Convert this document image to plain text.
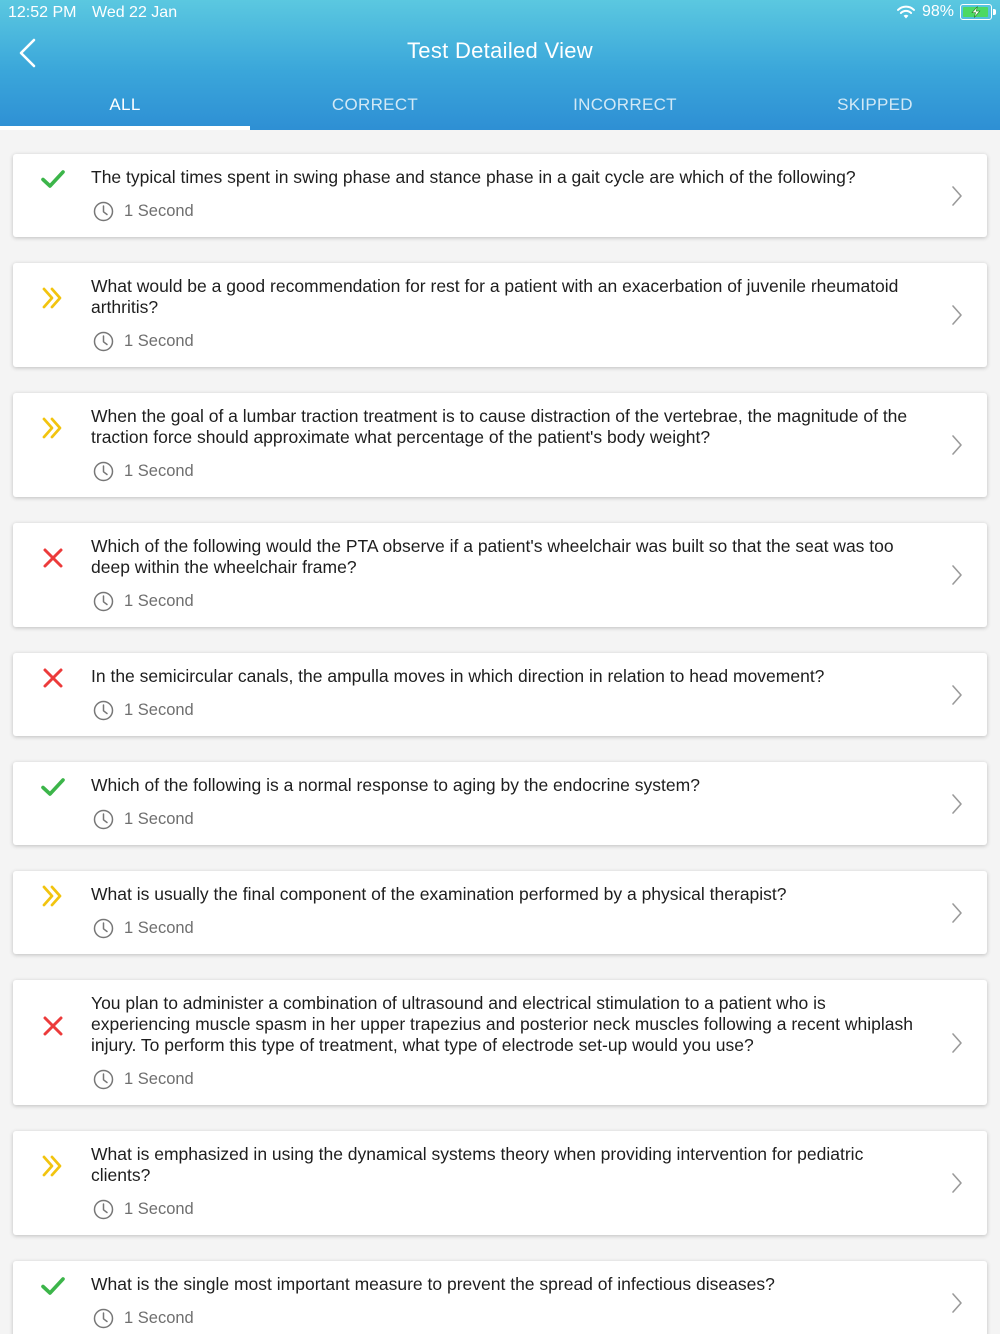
12:52 PM Wed 22 Jan	98%
Test Detailed View
ALL	CORRECT	INCORRECT	SKIPPED
The typical times spent in swing phase and stance phase in a gait cycle are which of the following?
1 Second
What would be a good recommendation for rest for a patient with an exacerbation of juvenile rheumatoid arthritis?
1 Second
When the goal of a lumbar traction treatment is to cause distraction of the vertebrae, the magnitude of the traction force should approximate what percentage of the patient's body weight?
1 Second
Which of the following would the PTA observe if a patient's wheelchair was built so that the seat was too deep within the wheelchair frame?
1 Second
In the semicircular canals, the ampulla moves in which direction in relation to head movement?
1 Second
Which of the following is a normal response to aging by the endocrine system?
1 Second
What is usually the final component of the examination performed by a physical therapist?
1 Second
You plan to administer a combination of ultrasound and electrical stimulation to a patient who is experiencing muscle spasm in her upper trapezius and posterior neck muscles following a recent whiplash injury. To perform this type of treatment, what type of electrode set-up would you use?
1 Second
What is emphasized in using the dynamical systems theory when providing intervention for pediatric clients?
1 Second
What is the single most important measure to prevent the spread of infectious diseases?
1 Second
